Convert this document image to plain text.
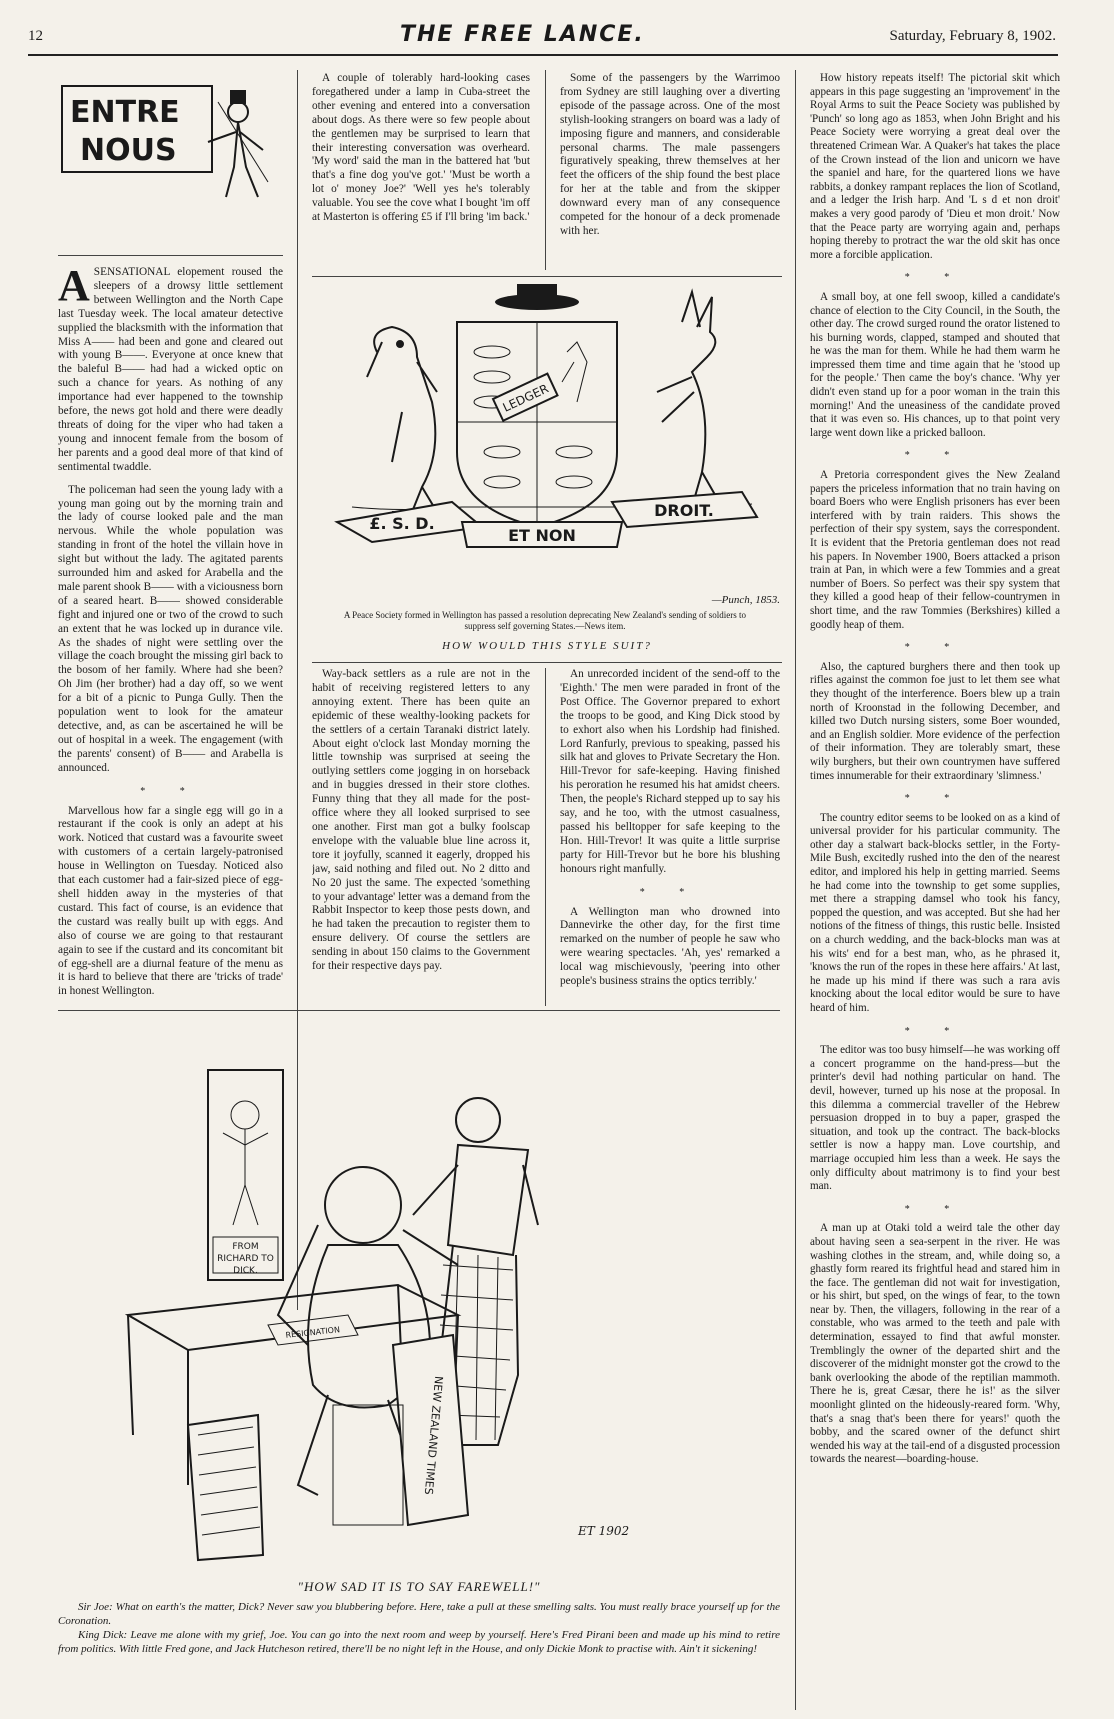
12	THE FREE LANCE.	Saturday, February 8, 1902.
ENTRE
NOUS

ASENSATIONAL elopement roused the sleepers of a drowsy little settlement between Wellington and the North Cape last Tuesday week. The local amateur detective supplied the blacksmith with the information that Miss A—— had been and gone and cleared out with young B——. Everyone at once knew that the baleful B—— had had a wicked optic on such a chance for years. As nothing of any importance had ever happened to the township before, the news got hold and there were deadly threats of doing for the viper who had taken a young and innocent female from the bosom of her parents and a good deal more of that kind of sentimental twaddle.

The policeman had seen the young lady with a young man going out by the morning train and the lady of course looked pale and the man nervous. While the whole population was standing in front of the hotel the villain hove in sight but without the lady. The agitated parents surrounded him and asked for Arabella and the male parent shook B—— with a viciousness born of a seared heart. B—— showed considerable fight and injured one or two of the crowd to such an extent that he was locked up in durance vile. As the shades of night were settling over the village the coach brought the missing girl back to the bosom of her family. Where had she been? Oh Jim (her brother) had a day off, so we went for a bit of a picnic to Punga Gully. Then the population went to look for the amateur detective, and, as can be ascertained he will be out of hospital in a week. The engagement (with the parents' consent) of B—— and Arabella is announced.

* *

Marvellous how far a single egg will go in a restaurant if the cook is only an adept at his work. Noticed that custard was a favourite sweet with customers of a certain largely-patronised house in Wellington on Tuesday. Noticed also that each customer had a fair-sized piece of egg-shell hidden away in the mysteries of that custard. This fact of course, is an evidence that the custard was really built up with eggs. And also of course we are going to that restaurant again to see if the custard and its concomitant bit of egg-shell are a diurnal feature of the menu as it is hard to believe that there are 'tricks of trade' in honest Wellington.

A couple of tolerably hard-looking cases foregathered under a lamp in Cuba-street the other evening and entered into a conversation about dogs. As there were so few people about the gentlemen may be surprised to learn that their interesting conversation was overheard. 'My word' said the man in the battered hat 'but that's a fine dog you've got.' 'Must be worth a lot o' money Joe?' 'Well yes he's tolerably valuable. You see the cove what I bought 'im off at Masterton is offering £5 if I'll bring 'im back.'

Some of the passengers by the Warrimoo from Sydney are still laughing over a diverting episode of the passage across. One of the most stylish-looking strangers on board was a lady of imposing figure and manners, and considerable personal charms. The male passengers figuratively speaking, threw themselves at her feet the officers of the ship found the best place for her at the table and from the skipper downward every man of any consequence competed for the honour of a deck promenade with her.

LEDGER
£. S. D.
DROIT.
ET NON
—Punch, 1853.
A Peace Society formed in Wellington has passed a resolution deprecating New Zealand's sending of soldiers to suppress self governing States.—News item.
HOW WOULD THIS STYLE SUIT?

Way-back settlers as a rule are not in the habit of receiving registered letters to any annoying extent. There has been quite an epidemic of these wealthy-looking packets for the settlers of a certain Taranaki district lately. About eight o'clock last Monday morning the little township was surprised at seeing the outlying settlers come jogging in on horseback and in buggies dressed in their store clothes. Funny thing that they all made for the post-office where they all looked surprised to see one another. First man got a bulky foolscap envelope with the valuable blue line across it, tore it joyfully, scanned it eagerly, dropped his jaw, said nothing and filed out. No 2 ditto and No 20 just the same. The expected 'something to your advantage' letter was a demand from the Rabbit Inspector to keep those pests down, and he had taken the precaution to register them to ensure delivery. Of course the settlers are sending in about 150 claims to the Government for their respective days pay.

An unrecorded incident of the send-off to the 'Eighth.' The men were paraded in front of the Post Office. The Governor prepared to exhort the troops to be good, and King Dick stood by to exhort also when his Lordship had finished. Lord Ranfurly, previous to speaking, passed his silk hat and gloves to Private Secretary the Hon. Hill-Trevor for safe-keeping. Having finished his peroration he resumed his hat amidst cheers. Then, the people's Richard stepped up to say his say, and he too, with the utmost casualness, passed his belltopper for safe keeping to the Hon. Hill-Trevor! It was quite a little surprise party for Hill-Trevor but he bore his blushing honours right manfully.

* *

A Wellington man who drowned into Dannevirke the other day, for the first time remarked on the number of people he saw who were wearing spectacles. 'Ah, yes' remarked a local wag mischievously, 'peering into other people's business strains the optics terribly.'

How history repeats itself! The pictorial skit which appears in this page suggesting an 'improvement' in the Royal Arms to suit the Peace Society was published by 'Punch' so long ago as 1853, when John Bright and his Peace Society were worrying a great deal over the threatened Crimean War. A Quaker's hat takes the place of the Crown instead of the lion and unicorn we have the spaniel and hare, for the quartered lions we have rabbits, a donkey rampant replaces the lion of Scotland, and a ledger the Irish harp. And 'L s d et non droit' makes a very good parody of 'Dieu et mon droit.' Now that the Peace party are worrying again and, perhaps hoping thereby to protract the war the old skit has once more a forcible application.

* *

A small boy, at one fell swoop, killed a candidate's chance of election to the City Council, in the South, the other day. The crowd surged round the orator listened to his burning words, clapped, stamped and shouted that he was the man for them. While he had them warm he impressed them time and time again that he 'stood up for the people.' Then came the boy's chance. 'Why yer didn't even stand up for a poor woman in the train this morning!' And the uneasiness of the candidate proved that it was even so. His chances, up to that point very large went down like a pricked balloon.

* *

A Pretoria correspondent gives the New Zealand papers the priceless information that no train having on board Boers who were English prisoners has ever been interfered with by train raiders. This shows the perfection of their spy system, says the correspondent. It is evident that the Pretoria gentleman does not read his papers. In November 1900, Boers attacked a prison train at Pan, in which were a few Tommies and a great number of Boers. So perfect was their spy system that they killed a good heap of their fellow-countrymen in short time, and the raw Tommies (Berkshires) killed a goodly heap of them.

* *

Also, the captured burghers there and then took up rifles against the common foe just to let them see what they thought of the interference. Boers blew up a train north of Kroonstad in the following December, and killed two Dutch nursing sisters, some Boer wounded, and an English soldier. More evidence of the perfection of their information. They are tolerably smart, these wily burghers, but their own countrymen have suffered times innumerable for their extraordinary 'slimness.'

* *

The country editor seems to be looked on as a kind of universal provider for his particular community. The other day a stalwart back-blocks settler, in the Forty-Mile Bush, excitedly rushed into the den of the nearest editor, and implored his help in getting married. Seems he had come into the township to get some supplies, met there a strapping damsel who took his fancy, popped the question, and was accepted. But she had her notions of the fitness of things, this rustic belle. Insisted on a church wedding, and the back-blocks man was at his wits' end for a best man, who, as he phrased it, 'knows the run of the ropes in these here affairs.' At last, he made up his mind if there was such a rara avis knocking about the local editor would be sure to have heard of him.

* *

The editor was too busy himself—he was working off a concert programme on the hand-press—but the printer's devil had nothing particular on hand. The devil, however, turned up his nose at the proposal. In this dilemma a commercial traveller of the Hebrew persuasion dropped in to buy a paper, grasped the situation, and took up the contract. The back-blocks settler is now a happy man. Love courtship, and marriage occupied him less than a week. He says the only difficulty about matrimony is to find your best man.

* *

A man up at Otaki told a weird tale the other day about having seen a sea-serpent in the river. He was washing clothes in the stream, and, while doing so, a ghastly form reared its frightful head and stared him in the face. The gentleman did not wait for investigation, or his shirt, but sped, on the wings of fear, to the town near by. Then, the villagers, following in the rear of a constable, who was armed to the teeth and pale with determination, essayed to find that awful monster. Tremblingly the owner of the departed shirt and the discoverer of the midnight monster got the crowd to the bank overlooking the abode of the reptilian mammoth. There he is, great Cæsar, there he is!' as the silver moonlight glinted on the hideously-reared form. 'Why, that's a snag that's been there for years!' quoth the bobby, and the scared owner of the defunct shirt wended his way at the tail-end of a disgusted procession towards the nearest—boarding-house.

FROM RICHARD TO DICK.
RESIGNATION
NEW ZEALAND TIMES
ET 1902
"HOW SAD IT IS TO SAY FAREWELL!"
Sir Joe: What on earth's the matter, Dick? Never saw you blubbering before. Here, take a pull at these smelling salts. You must really brace yourself up for the Coronation.
King Dick: Leave me alone with my grief, Joe. You can go into the next room and weep by yourself. Here's Fred Pirani been and made up his mind to retire from politics. With little Fred gone, and Jack Hutcheson retired, there'll be no night left in the House, and only Dickie Monk to practise with. Ain't it sickening!
